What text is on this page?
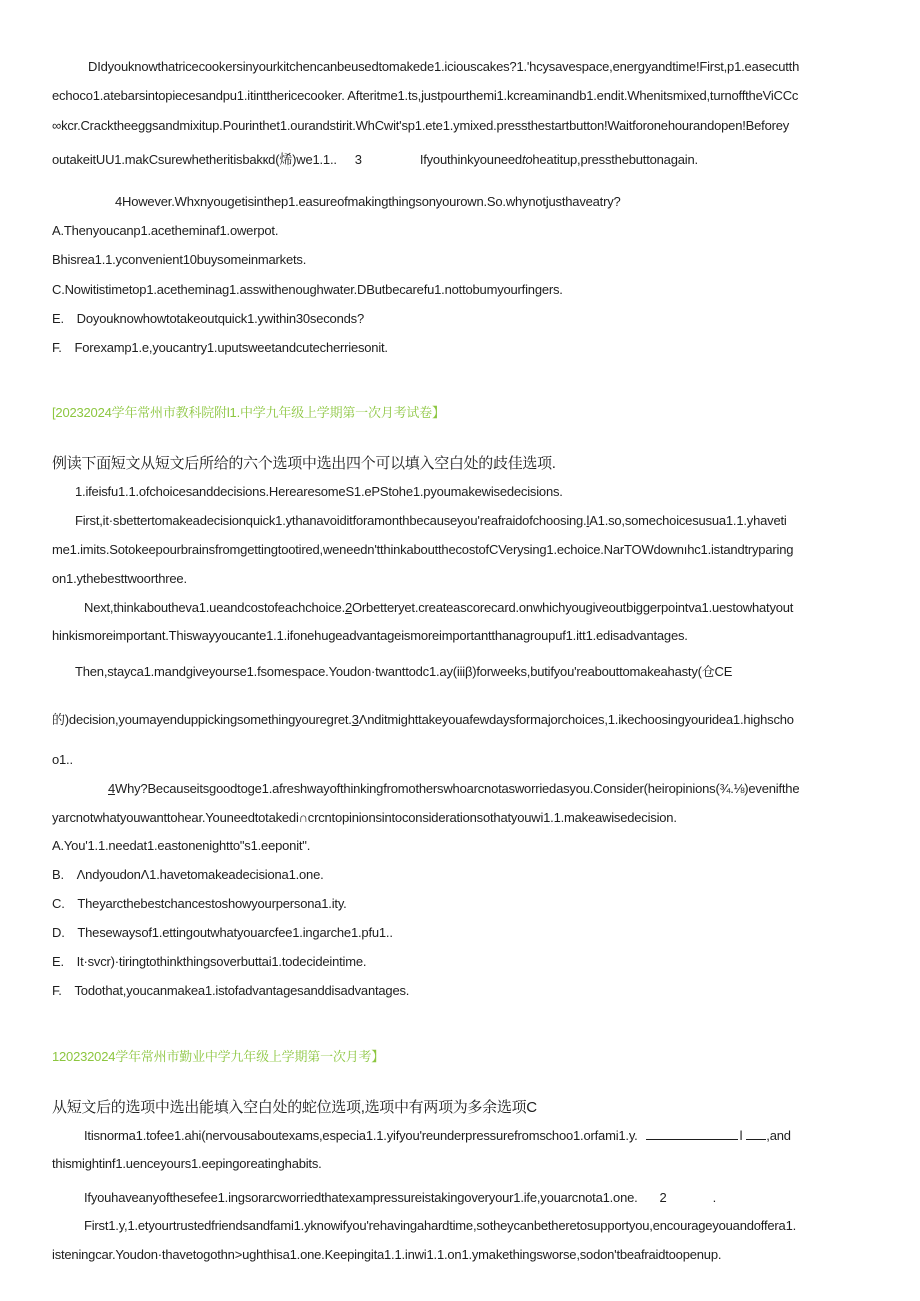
DIdyouknowthatricecookersinyourkitchencanbeusedtomakede1.iciouscakes?1.'hcysavespace,energyandtime!First,p1.easecutth
echoco1.atebarsintopiecesandpu1.itintthericecooker. Afteritme1.ts,justpourthemi1.kcreaminandb1.endit.Whenitsmixed,turnofftheViCCc
∞kcr.Cracktheeggsandmixitup.Pourinthet1.ourandstirit.WhCwit'sp1.ete1.ymixed.pressthestartbutton!Waitforonehourandopen!Beforey
outakeitUU1.makCsurewhetheritisbakкd(烯)we1.1.. 3	Ifyouthinkyouneedtoheatitup,pressthebuttonagain.
4However.Whxnyougetisinthep1.easureofmakingthingsonyourown.So.whynotjusthaveatry?
A.Thenyoucanp1.acetheminaf1.owerpot.
Bhisrea1.1.yconvenient10buysomeinmarkets.
C.Nowitistimetop1.acetheminag1.asswithenoughwater.DButbecarefu1.nottobumyourfingers.
E.　Doyouknowhowtotakeoutquick1.ywithin30seconds?
F.　Forexamp1.e,youcantry1.uputsweetandcutecherriesonit.
[20232024学年常州市教科院附l1.中学九年级上学期第一次月考试卷】
例读下面短文从短文后所给的六个选项中选出四个可以填入空白处的歧佳选项.
1.ifeisfu1.1.ofchoicesanddecisions.HerearesomeS1.ePStohe1.pyoumakewisedecisions.
First,it·sbettertomakeadecisionquick1.ythanavoiditforamonthbecauseyou'reafraidofchoosing.lA1.so,somechoicesusua1.1.yhaveti
me1.imits.Sotokeepourbrainsfromgettingtootired,weneedn'tthinkaboutthecostofCVerysing1.echoice.NarTOWdownıhc1.istandtryparing
on1.ythebesttwoorthree.
Next,thinkaboutheva1.ueandcostofeachchoice.2Orbetteryet.createascorecard.onwhichyougiveoutbiggerpointva1.uestowhatyout
hinkismoreimportant.Thiswayyoucante1.1.ifonehugeadvantageismoreimportantthanagroupuf1.itt1.edisadvantages.
Then,stayca1.mandgiveyourse1.fsomespace.Youdon·twanttodc1.ay(iiiβ)forweeks,butifyou'reabouttomakeahasty(仓CE
的)decision,youmayenduppickingsomethingyouregret.3Λnditmighttakeyouafewdaysformajorchoices,1.ikechoosingyouridea1.highscho
o1..
4Why?Becauseitsgoodtoge1.afreshwayofthinkingfromotherswhoarcnotasworriedasyou.Consider(heiropinions(¾.⅛)evenifthe
yarcnotwhatyouwanttohear.Youneedtotakedi∩crcntopinionsintoconsiderationsothatyouwi1.1.makeawisedecision.
A.You'1.1.needat1.eastonenightto"s1.eeponit".
B.　ΛndyoudonΛ1.havetomakeadecisiona1.one.
C.　Theyarcthebestchancestoshowyourpersona1.ity.
D.　Thesewaysof1.ettingoutwhatyouarcfee1.ingarche1.pfu1..
E.　It·svcr)·tiringtothinkthingsoverbuttai1.todecideintime.
F.　Todothat,youcanmakea1.istofadvantagesanddisadvantages.
120232024学年常州市勤业中学九年级上学期第一次月考】
从短文后的选项中选出能填入空白处的蛇位选项,选项中有两项为多余选项C
Itisnorma1.tofee1.ahi(nervousaboutexams,especia1.1.yifyou'reunderpressurefromschoo1.orfami1.y.	l ,and
thismightinf1.uenceyours1.eepingoreatinghabits.
Ifyouhaveanyofthesefee1.ingsorarcworriedthatexampressureistakingoveryour1.ife,youarcnota1.one. 2	.
First1.y,1.etyourtrustedfriendsandfami1.yknowifyou'rehavingahardtime,sotheycanbetheretosupportyou,encourageyouandoffera1.
isteningcar.Youdon·thavetogothn>ughthisa1.one.Keepingita1.1.inwi1.1.on1.ymakethingsworse,sodon'tbeafraidtoopenup.
